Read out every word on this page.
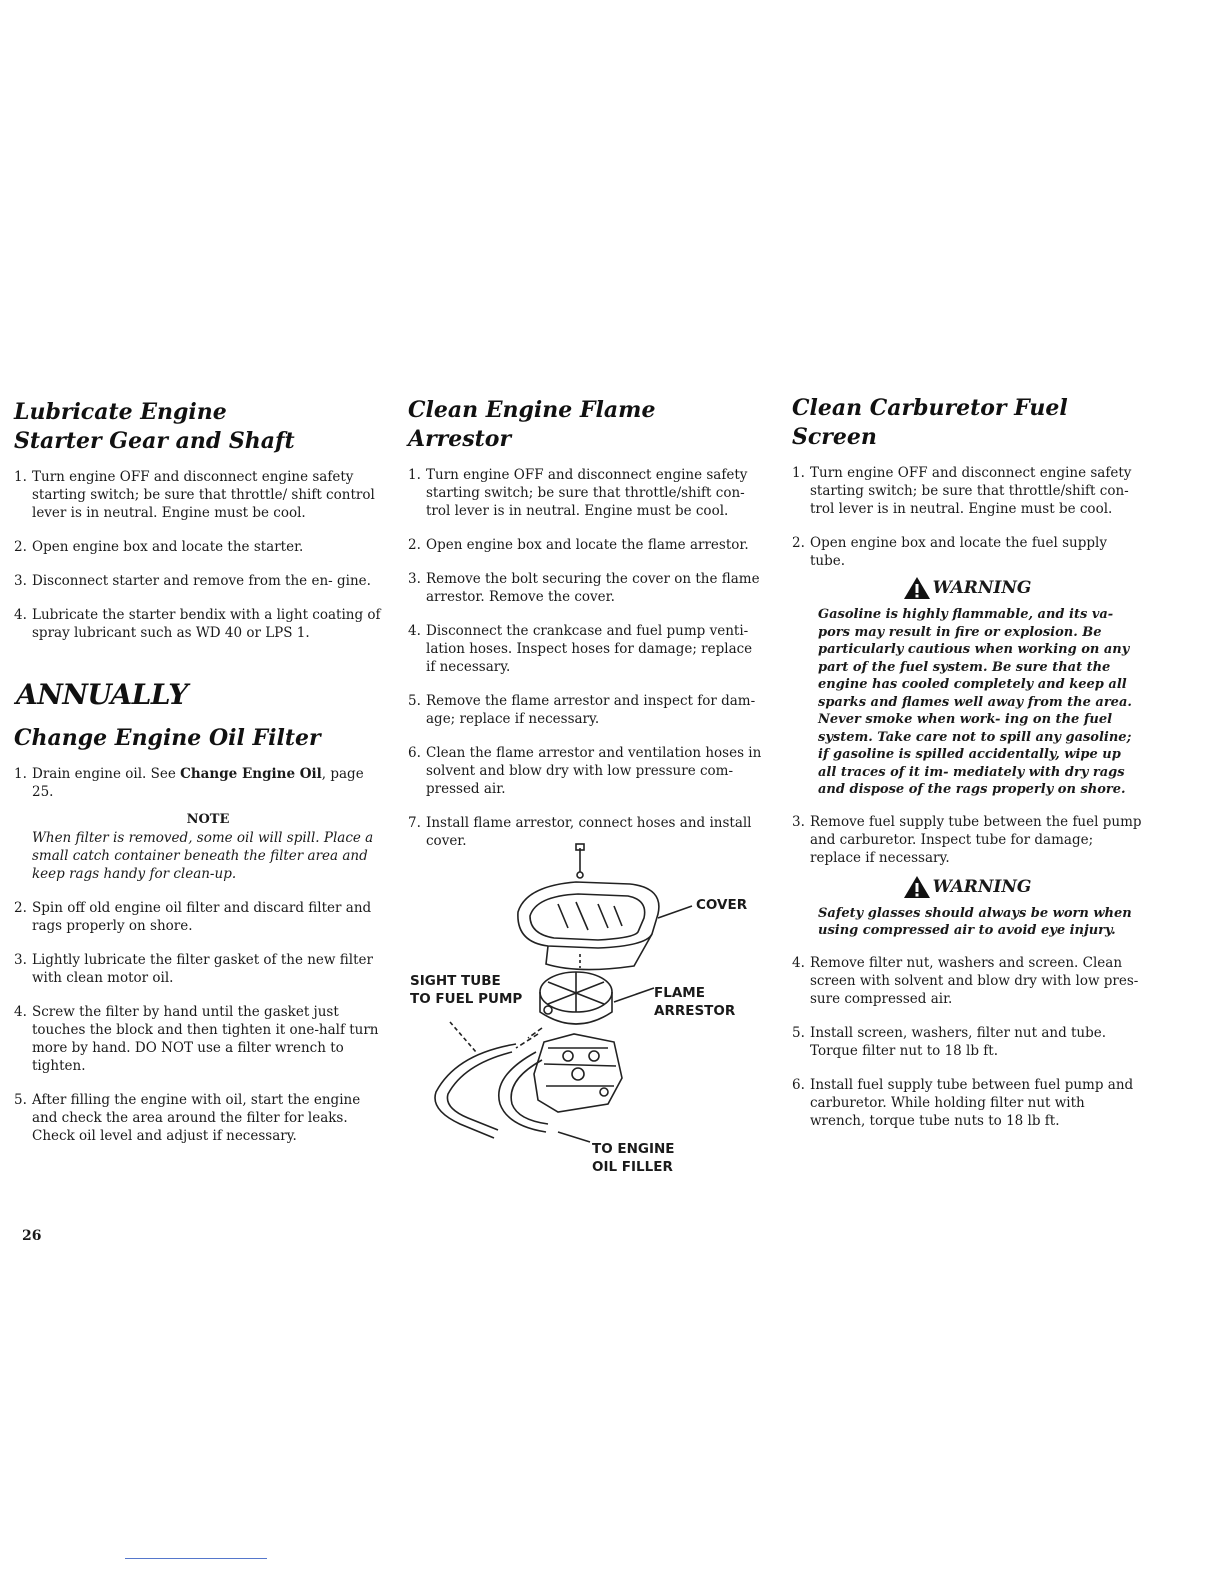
Lubricate Engine Starter Gear and Shaft
1. Turn engine OFF and disconnect engine safety starting switch; be sure that throttle/ shift control lever is in neutral. Engine must be cool.
2. Open engine box and locate the starter.
3. Disconnect starter and remove from the en- gine.
4. Lubricate the starter bendix with a light coating of spray lubricant such as WD 40 or LPS 1.
ANNUALLY
Change Engine Oil Filter
1. Drain engine oil. See Change Engine Oil, page 25.
NOTE
When filter is removed, some oil will spill. Place a small catch container beneath the filter area and keep rags handy for clean-up.
2. Spin off old engine oil filter and discard filter and rags properly on shore.
3. Lightly lubricate the filter gasket of the new filter with clean motor oil.
4. Screw the filter by hand until the gasket just touches the block and then tighten it one-half turn more by hand. DO NOT use a filter wrench to tighten.
5. After filling the engine with oil, start the engine and check the area around the filter for leaks. Check oil level and adjust if necessary.
Clean Engine Flame Arrestor
1. Turn engine OFF and disconnect engine safety starting switch; be sure that throttle/shift con- trol lever is in neutral. Engine must be cool.
2. Open engine box and locate the flame arrestor.
3. Remove the bolt securing the cover on the flame arrestor. Remove the cover.
4. Disconnect the crankcase and fuel pump venti- lation hoses. Inspect hoses for damage; replace if necessary.
5. Remove the flame arrestor and inspect for dam- age; replace if necessary.
6. Clean the flame arrestor and ventilation hoses in solvent and blow dry with low pressure com- pressed air.
7. Install flame arrestor, connect hoses and install cover.
COVER
SIGHT TUBE
TO FUEL PUMP	FLAME
ARRESTOR
TO ENGINE
OIL FILLER
Clean Carburetor Fuel Screen
1. Turn engine OFF and disconnect engine safety starting switch; be sure that throttle/shift con- trol lever is in neutral. Engine must be cool.
2. Open engine box and locate the fuel supply tube.
WARNING
Gasoline is highly flammable, and its va- pors may result in fire or explosion. Be particularly cautious when working on any part of the fuel system. Be sure that the engine has cooled completely and keep all sparks and flames well away from the area. Never smoke when work- ing on the fuel system. Take care not to spill any gasoline; if gasoline is spilled accidentally, wipe up all traces of it im- mediately with dry rags and dispose of the rags properly on shore.
3. Remove fuel supply tube between the fuel pump and carburetor. Inspect tube for damage; replace if necessary.
WARNING
Safety glasses should always be worn when using compressed air to avoid eye injury.
4. Remove filter nut, washers and screen. Clean screen with solvent and blow dry with low pres- sure compressed air.
5. Install screen, washers, filter nut and tube. Torque filter nut to 18 lb ft.
6. Install fuel supply tube between fuel pump and carburetor. While holding filter nut with wrench, torque tube nuts to 18 lb ft.
26
